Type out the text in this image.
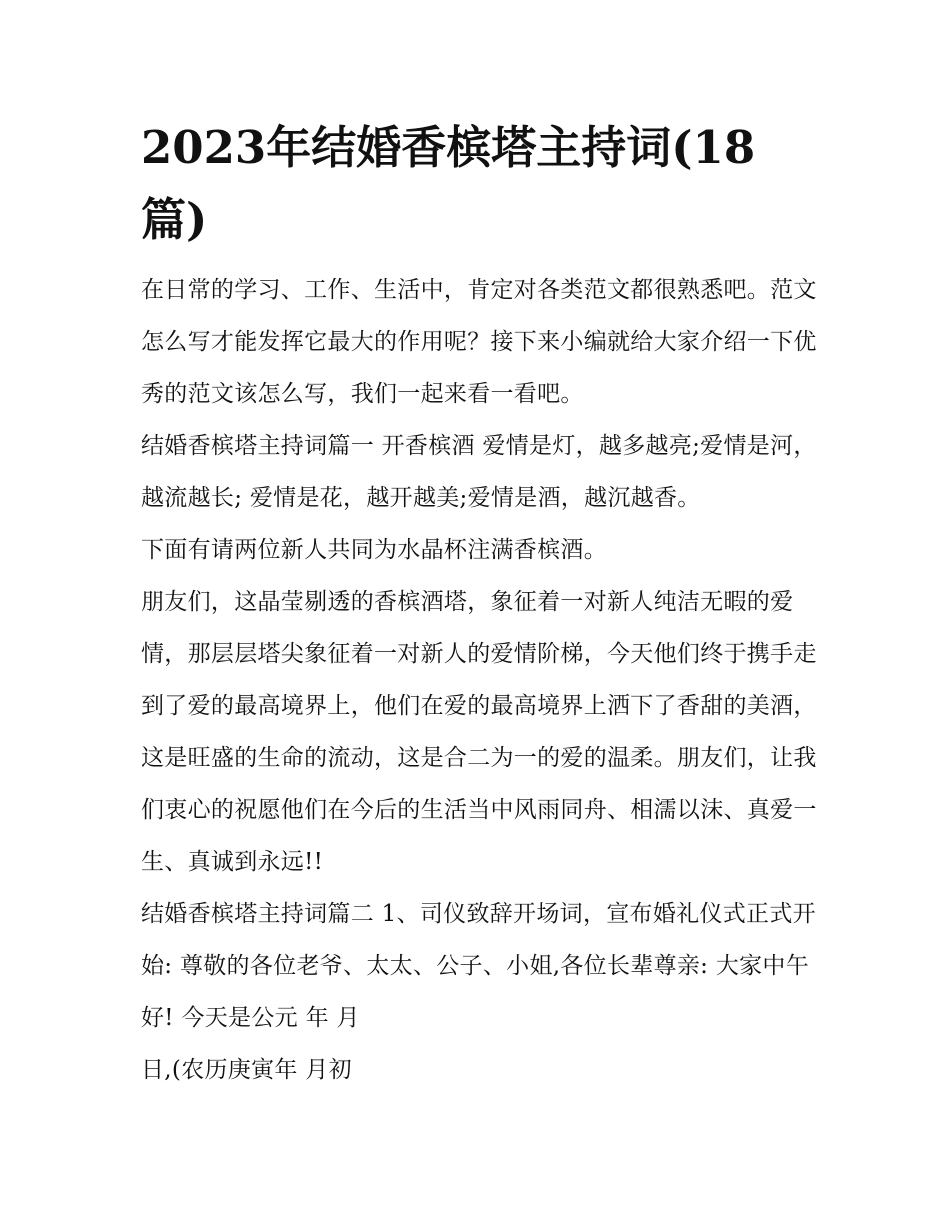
2023年结婚香槟塔主持词(18篇)

在日常的学习、工作、生活中，肯定对各类范文都很熟悉吧。范文怎么写才能发挥它最大的作用呢？接下来小编就给大家介绍一下优秀的范文该怎么写，我们一起来看一看吧。

结婚香槟塔主持词篇一 开香槟酒 爱情是灯，越多越亮;爱情是河，越流越长; 爱情是花，越开越美;爱情是酒，越沉越香。

下面有请两位新人共同为水晶杯注满香槟酒。

朋友们，这晶莹剔透的香槟酒塔，象征着一对新人纯洁无暇的爱情，那层层塔尖象征着一对新人的爱情阶梯，今天他们终于携手走到了爱的最高境界上，他们在爱的最高境界上洒下了香甜的美酒，这是旺盛的生命的流动，这是合二为一的爱的温柔。朋友们，让我们衷心的祝愿他们在今后的生活当中风雨同舟、相濡以沫、真爱一生、真诚到永远!!

结婚香槟塔主持词篇二 1、司仪致辞开场词，宣布婚礼仪式正式开始: 尊敬的各位老爷、太太、公子、小姐,各位长辈尊亲: 大家中午好! 今天是公元 年 月

日,(农历庚寅年 月初
